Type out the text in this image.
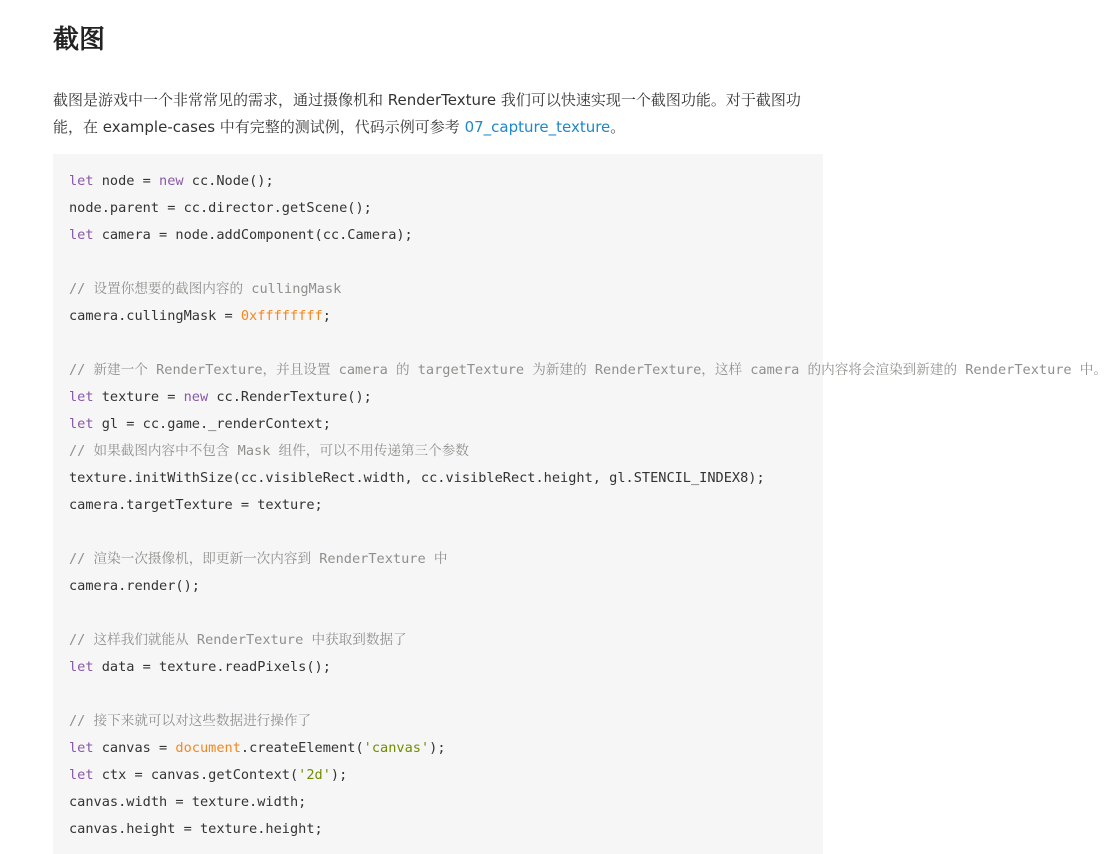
截图

截图是游戏中一个非常常见的需求，通过摄像机和 RenderTexture 我们可以快速实现一个截图功能。对于截图功能，在 example-cases 中有完整的测试例，代码示例可参考 07_capture_texture。

let node = new cc.Node();
node.parent = cc.director.getScene();
let camera = node.addComponent(cc.Camera);
// 设置你想要的截图内容的 cullingMask
camera.cullingMask = 0xffffffff;
// 新建一个 RenderTexture，并且设置 camera 的 targetTexture 为新建的 RenderTexture，这样 camera 的内容将会渲染到新建的 RenderTexture 中。
let texture = new cc.RenderTexture();
let gl = cc.game._renderContext;
// 如果截图内容中不包含 Mask 组件，可以不用传递第三个参数
texture.initWithSize(cc.visibleRect.width, cc.visibleRect.height, gl.STENCIL_INDEX8);
camera.targetTexture = texture;
// 渲染一次摄像机，即更新一次内容到 RenderTexture 中
camera.render();
// 这样我们就能从 RenderTexture 中获取到数据了
let data = texture.readPixels();
// 接下来就可以对这些数据进行操作了
let canvas = document.createElement('canvas');
let ctx = canvas.getContext('2d');
canvas.width = texture.width;
canvas.height = texture.height;
